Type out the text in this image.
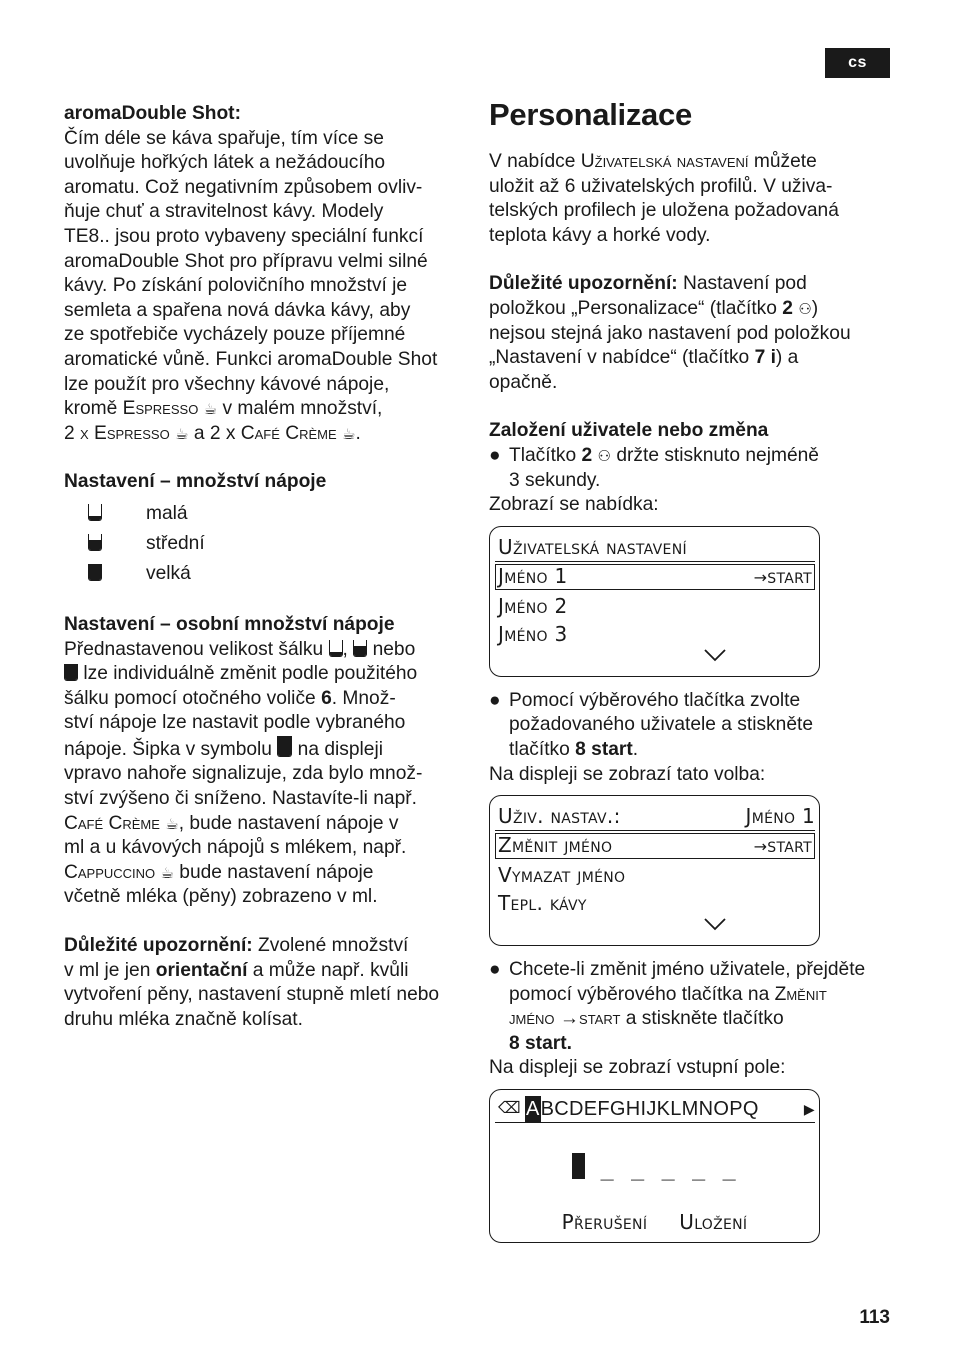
cs

aromaDouble Shot:

Čím déle se káva spařuje, tím více se

uvolňuje hořkých látek a nežádoucího

aromatu. Což negativním způsobem ovliv-

ňuje chuť a stravitelnost kávy. Modely

TE8.. jsou proto vybaveny speciální funkcí

aromaDouble Shot pro přípravu velmi silné

kávy. Po získání polovičního množství je

semleta a spařena nová dávka kávy, aby

ze spotřebiče vycházely pouze příjemné

aromatické vůně. Funkci aromaDouble Shot

lze použít pro všechny kávové nápoje,

kromě Espresso ☕ v malém množství,

2 x Espresso ☕ a 2 x Café Crème ☕.

Nastavení – množství nápoje

malá
střední
velká

Nastavení – osobní množství nápoje

Přednastavenou velikost šálku , nebo

lze individuálně změnit podle použitého

šálku pomocí otočného voliče 6. Množ-

ství nápoje lze nastavit podle vybraného

nápoje. Šipka v symbolu na displeji

vpravo nahoře signalizuje, zda bylo množ-

ství zvýšeno či sníženo. Nastavíte-li např.

Café Crème ☕, bude nastavení nápoje v

ml a u kávových nápojů s mlékem, např.

Cappuccino ☕ bude nastavení nápoje

včetně mléka (pěny) zobrazeno v ml.

Důležité upozornění: Zvolené množství

v ml je jen orientační a může např. kvůli

vytvoření pěny, nastavení stupně mletí nebo

druhu mléka značně kolísat.

Personalizace

V nabídce Uživatelská nastavení můžete

uložit až 6 uživatelských profilů. V uživa-

telských profilech je uložena požadovaná

teplota kávy a horké vody.

Důležité upozornění: Nastavení pod

položkou „Personalizace“ (tlačítko 2 ⚇)

nejsou stejná jako nastavení pod položkou

„Nastavení v nabídce“ (tlačítko 7 i) a

opačně.

Založení uživatele nebo změna

● Tlačítko 2 ⚇ držte stisknuto nejméně

3 sekundy.

Zobrazí se nabídka:

Uživatelská nastavení
Jméno 1	→start
Jméno 2
Jméno 3
● Pomocí výběrového tlačítka zvolte

požadovaného uživatele a stiskněte

tlačítko 8 start.

Na displeji se zobrazí tato volba:

Uživ. nastav.:	Jméno 1
Změnit jméno	→start
Vymazat jméno
Tepl. kávy
● Chcete-li změnit jméno uživatele, přejděte

pomocí výběrového tlačítka na Změnit

jméno →start a stiskněte tlačítko

8 start.

Na displeji se zobrazí vstupní pole:

⌫ A BCDEFGHIJKLMNOPQ	▶
_ _ _ _ _
Přerušení Uložení
113
